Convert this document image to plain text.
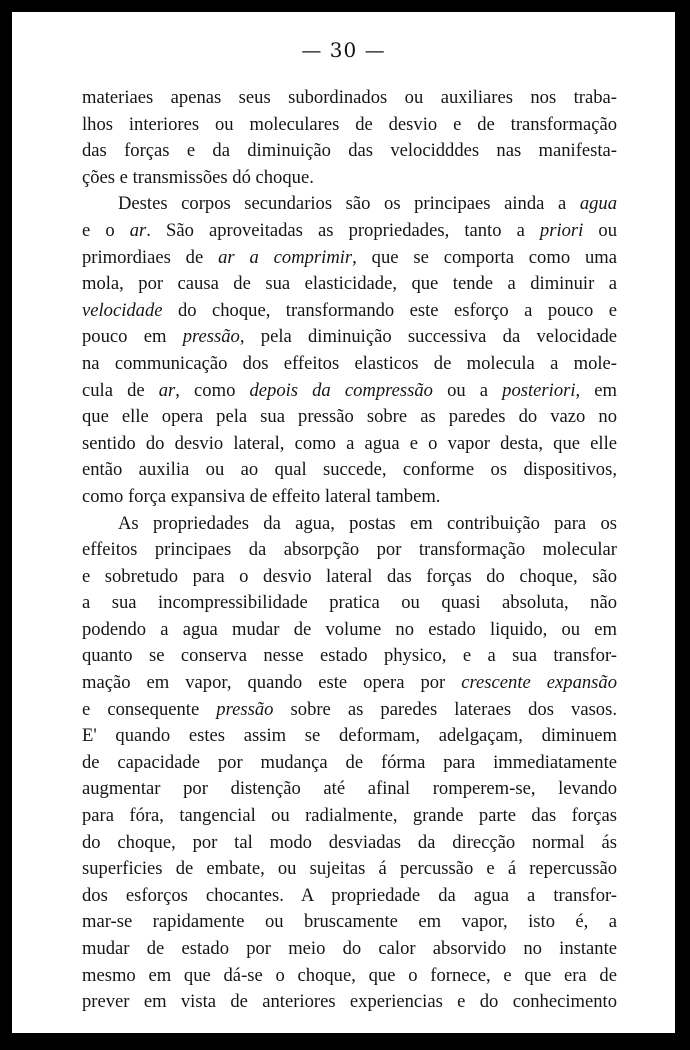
— 30 —
materiaes apenas seus subordinados ou auxiliares nos traba-
lhos interiores ou moleculares de desvio e de transformação
das forças e da diminuição das velocidddes nas manifesta-
ções e transmissões dó choque.
Destes corpos secundarios são os principaes ainda a agua
e o ar. São aproveitadas as propriedades, tanto a priori ou
primordiaes de ar a comprimir, que se comporta como uma
mola, por causa de sua elasticidade, que tende a diminuir a
velocidade do choque, transformando este esforço a pouco e
pouco em pressão, pela diminuição successiva da velocidade
na communicação dos effeitos elasticos de molecula a mole-
cula de ar, como depois da compressão ou a posteriori, em
que elle opera pela sua pressão sobre as paredes do vazo no
sentido do desvio lateral, como a agua e o vapor desta, que elle
então auxilia ou ao qual succede, conforme os dispositivos,
como força expansiva de effeito lateral tambem.
As propriedades da agua, postas em contribuição para os
effeitos principaes da absorpção por transformação molecular
e sobretudo para o desvio lateral das forças do choque, são
a sua incompressibilidade pratica ou quasi absoluta, não
podendo a agua mudar de volume no estado liquido, ou em
quanto se conserva nesse estado physico, e a sua transfor-
mação em vapor, quando este opera por crescente expansão
e consequente pressão sobre as paredes lateraes dos vasos.
E' quando estes assim se deformam, adelgaçam, diminuem
de capacidade por mudança de fórma para immediatamente
augmentar por distenção até afinal romperem-se, levando
para fóra, tangencial ou radialmente, grande parte das forças
do choque, por tal modo desviadas da direcção normal ás
superficies de embate, ou sujeitas á percussão e á repercussão
dos esforços chocantes. A propriedade da agua a transfor-
mar-se rapidamente ou bruscamente em vapor, isto é, a
mudar de estado por meio do calor absorvido no instante
mesmo em que dá-se o choque, que o fornece, e que era de
prever em vista de anteriores experiencias e do conhecimento
